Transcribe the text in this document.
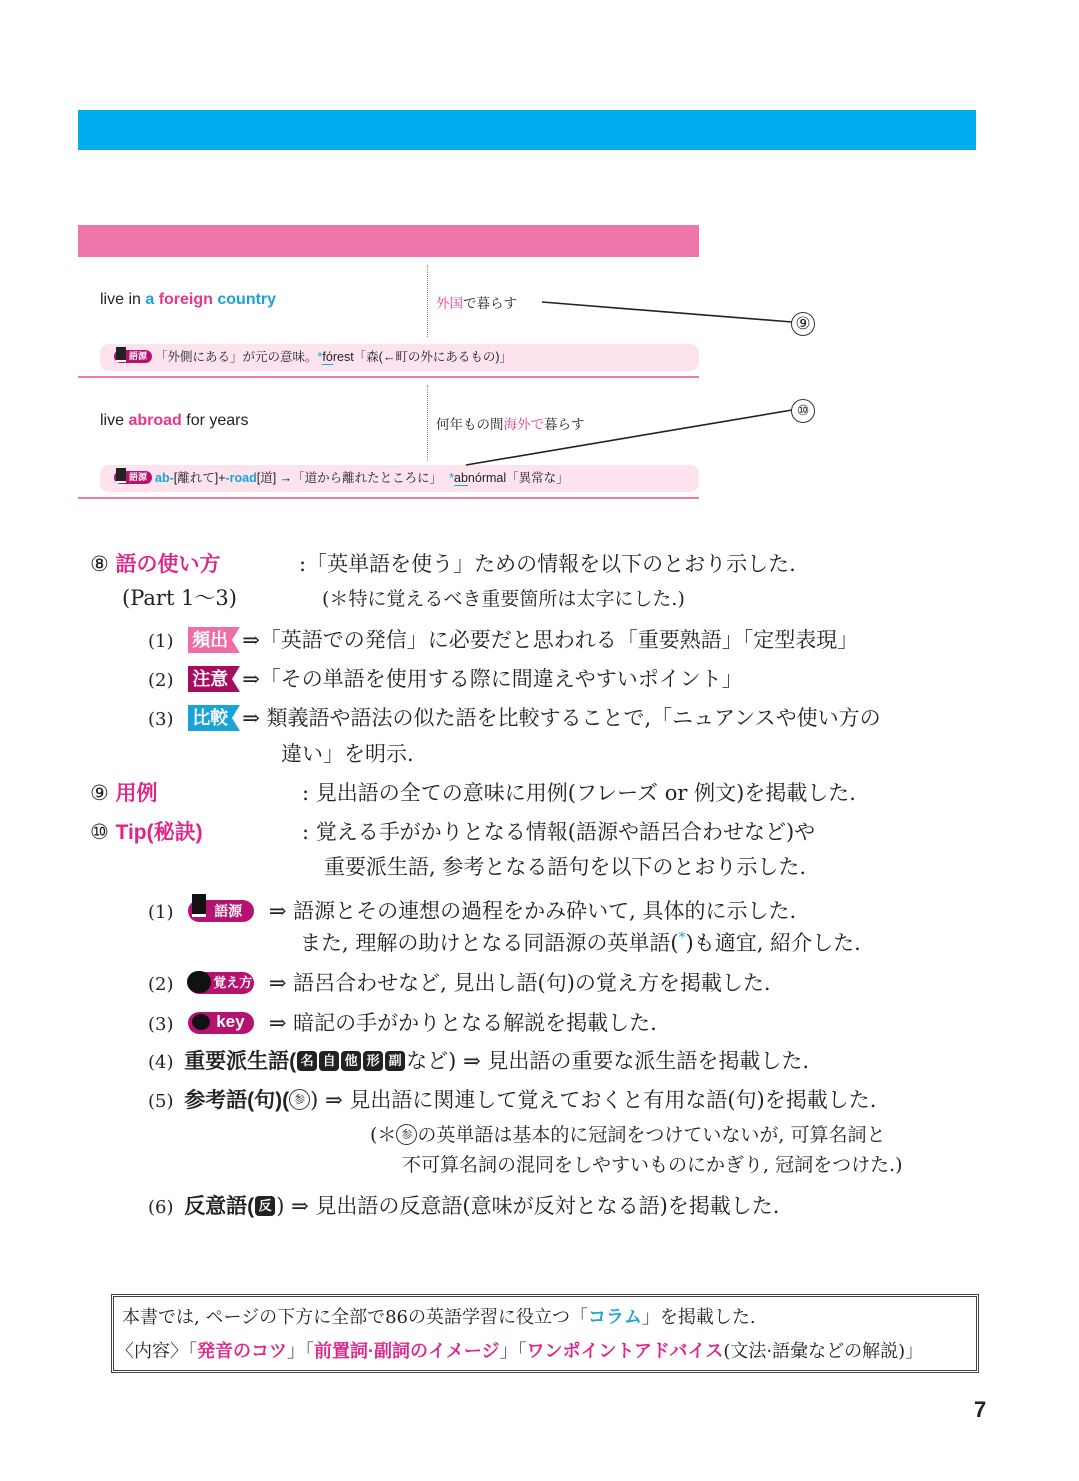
live in a foreign country	外国で暮らす
語源 「外側にある」が元の意味。*fórest「森(←町の外にあるもの)」
live abroad for years	何年もの間海外で暮らす
語源 ab-[離れて]+-road[道] →「道から離れたところに」  *abnórmal「異常な」
⑨
⑩
⑧ 語の使い方	:「英単語を使う」ための情報を以下のとおり示した.
(Part 1〜3)	(＊特に覚えるべき重要箇所は太字にした.)
(1) 頻出 ⇒「英語での発信」に必要だと思われる「重要熟語」「定型表現」
(2) 注意 ⇒「その単語を使用する際に間違えやすいポイント」
(3) 比較 ⇒ 類義語や語法の似た語を比較することで,「ニュアンスや使い方の
違い」を明示.
⑨ 用例	: 見出語の全ての意味に用例(フレーズ or 例文)を掲載した.
⑩ Tip(秘訣)	: 覚える手がかりとなる情報(語源や語呂合わせなど)や
重要派生語, 参考となる語句を以下のとおり示した.
(1)	語源 ⇒ 語源とその連想の過程をかみ砕いて, 具体的に示した.
また, 理解の助けとなる同語源の英単語(*)も適宜, 紹介した.
(2)	覚え方 ⇒ 語呂合わせなど, 見出し語(句)の覚え方を掲載した.
(3)	key ⇒ 暗記の手がかりとなる解説を掲載した.
(4) 重要派生語( 名 自 他 形 副 など) ⇒ 見出語の重要な派生語を掲載した.
(5) 参考語(句)( 参 ) ⇒ 見出語に関連して覚えておくと有用な語(句)を掲載した.
(＊ 参 の英単語は基本的に冠詞をつけていないが, 可算名詞と
不可算名詞の混同をしやすいものにかぎり, 冠詞をつけた.)
(6) 反意語( 反 ) ⇒ 見出語の反意語(意味が反対となる語)を掲載した.
本書では, ページの下方に全部で86の英語学習に役立つ「コラム」を掲載した.
〈内容〉「発音のコツ」「前置詞·副詞のイメージ」「ワンポイントアドバイス(文法·語彙などの解説)」
7
